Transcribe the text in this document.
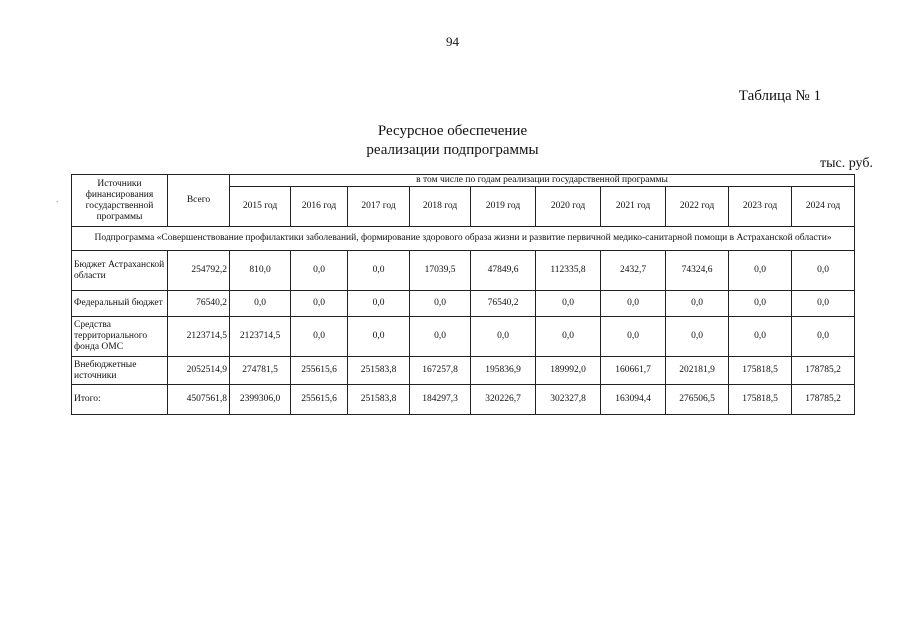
94
Таблица № 1
Ресурсное обеспечение
реализации подпрограммы
тыс. руб.
`
Источники финансирования государственной программы	Всего	в том числе по годам реализации государственной программы									
		2015 год	2016 год	2017 год	2018 год	2019 год	2020 год	2021 год	2022 год	2023 год	2024 год
Подпрограмма «Совершенствование профилактики заболеваний, формирование здорового образа жизни и развитие первичной медико-санитарной помощи в Астраханской области»											
Бюджет Астраханской области	254792,2	810,0	0,0	0,0	17039,5	47849,6	112335,8	2432,7	74324,6	0,0	0,0
Федеральный бюджет	76540,2	0,0	0,0	0,0	0,0	76540,2	0,0	0,0	0,0	0,0	0,0
Средства территориального фонда ОМС	2123714,5	2123714,5	0,0	0,0	0,0	0,0	0,0	0,0	0,0	0,0	0,0
Внебюджетные источники	2052514,9	274781,5	255615,6	251583,8	167257,8	195836,9	189992,0	160661,7	202181,9	175818,5	178785,2
Итого:	4507561,8	2399306,0	255615,6	251583,8	184297,3	320226,7	302327,8	163094,4	276506,5	175818,5	178785,2
